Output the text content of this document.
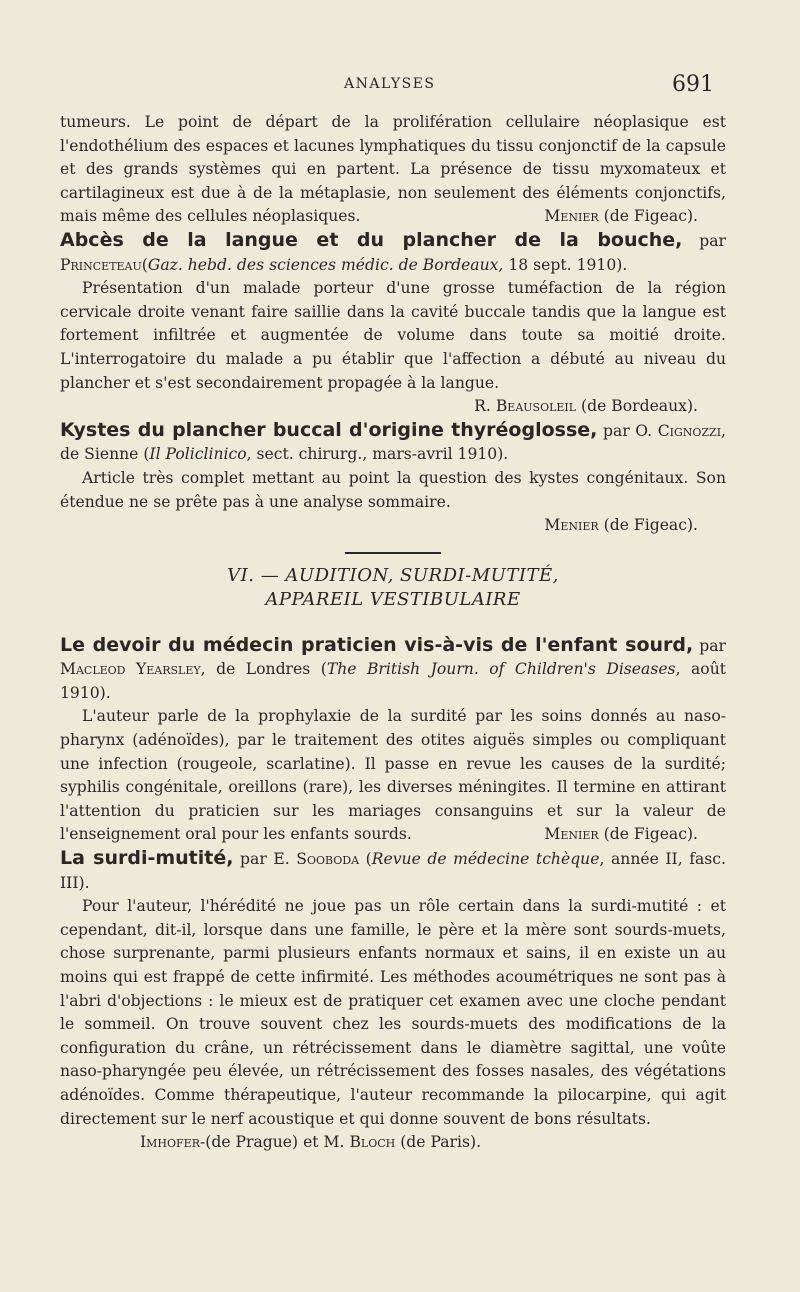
ANALYSES	691

tumeurs. Le point de départ de la prolifération cellulaire néoplasique est l'endothélium des espaces et lacunes lymphatiques du tissu conjonctif de la capsule et des grands systèmes qui en partent. La présence de tissu myxomateux et cartilagineux est due à de la métaplasie, non seulement des éléments conjonctifs, mais même des cellules néoplasiques.	Menier (de Figeac).

Abcès de la langue et du plancher de la bouche, par Princeteau(Gaz. hebd. des sciences médic. de Bordeaux, 18 sept. 1910).

Présentation d'un malade porteur d'une grosse tuméfaction de la région cervicale droite venant faire saillie dans la cavité buccale tandis que la langue est fortement infiltrée et augmentée de volume dans toute sa moitié droite. L'interrogatoire du malade a pu établir que l'affection a débuté au niveau du plancher et s'est secondairement propagée à la langue.
R. Beausoleil (de Bordeaux).

Kystes du plancher buccal d'origine thyréoglosse, par O. Cignozzi, de Sienne (Il Policlinico, sect. chirurg., mars-avril 1910).

Article très complet mettant au point la question des kystes congénitaux. Son étendue ne se prête pas à une analyse sommaire.

Menier (de Figeac).

VI. — AUDITION, SURDI-MUTITÉ,
APPAREIL VESTIBULAIRE

Le devoir du médecin praticien vis-à-vis de l'enfant sourd, par Macleod Yearsley, de Londres (The British Journ. of Children's Diseases, août 1910).

L'auteur parle de la prophylaxie de la surdité par les soins donnés au naso-pharynx (adénoïdes), par le traitement des otites aiguës simples ou compliquant une infection (rougeole, scarlatine). Il passe en revue les causes de la surdité; syphilis congénitale, oreillons (rare), les diverses méningites. Il termine en attirant l'attention du praticien sur les mariages consanguins et sur la valeur de l'enseignement oral pour les enfants sourds.	Menier (de Figeac).

La surdi-mutité, par E. Sooboda (Revue de médecine tchèque, année II, fasc. III).

Pour l'auteur, l'hérédité ne joue pas un rôle certain dans la surdi-mutité : et cependant, dit-il, lorsque dans une famille, le père et la mère sont sourds-muets, chose surprenante, parmi plusieurs enfants normaux et sains, il en existe un au moins qui est frappé de cette infirmité. Les méthodes acoumétriques ne sont pas à l'abri d'objections : le mieux est de pratiquer cet examen avec une cloche pendant le sommeil. On trouve souvent chez les sourds-muets des modifications de la configuration du crâne, un rétrécissement dans le diamètre sagittal, une voûte naso-pharyngée peu élevée, un rétrécissement des fosses nasales, des végétations adénoïdes. Comme thérapeutique, l'auteur recommande la pilocarpine, qui agit directement sur le nerf acoustique et qui donne souvent de bons résultats.

Imhofer-(de Prague) et M. Bloch (de Paris).
